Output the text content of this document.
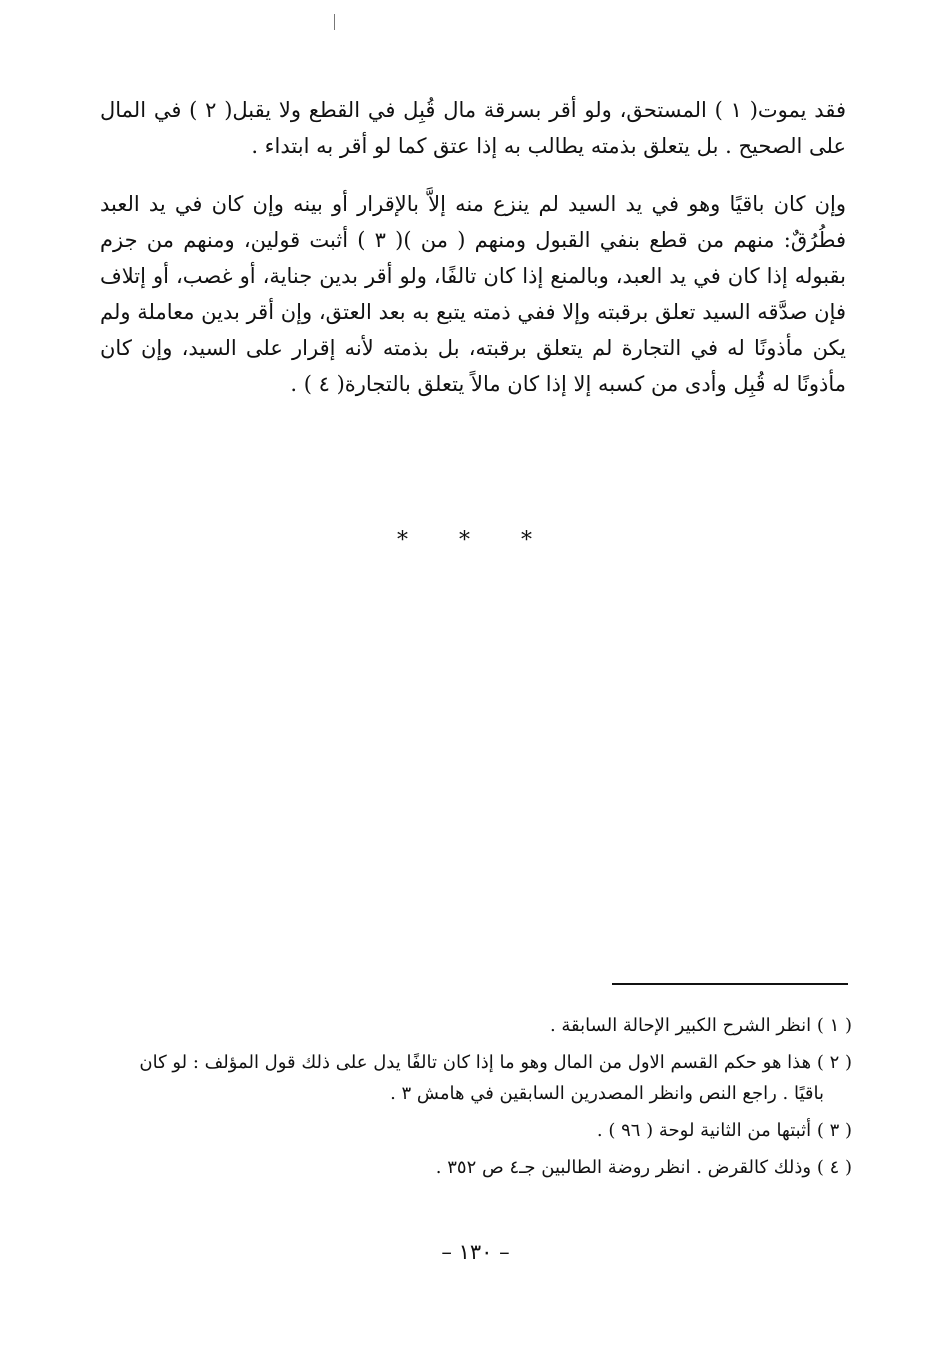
فقد يموت( ١ ) المستحق، ولو أقر بسرقة مال قُبِل في القطع ولا يقبل( ٢ ) في المال على الصحيح . بل يتعلق بذمته يطالب به إذا عتق كما لو أقر به ابتداء .

وإن كان باقيًا وهو في يد السيد لم ينزع منه إلاَّ بالإقرار أو بينه وإن كان في يد العبد فطُرُقٌ: منهم من قطع بنفي القبول ومنهم ( من )( ٣ ) أثبت قولين، ومنهم من جزم بقبوله إذا كان في يد العبد، وبالمنع إذا كان تالفًا، ولو أقر بدين جناية، أو غصب، أو إتلاف فإن صدَّقه السيد تعلق برقبته وإلا ففي ذمته يتبع به بعد العتق، وإن أقر بدين معاملة ولم يكن مأذونًا له في التجارة لم يتعلق برقبته، بل بذمته لأنه إقرار على السيد، وإن كان مأذونًا له قُبِل وأدى من كسبه إلا إذا كان مالاً يتعلق بالتجارة( ٤ ) .

* * *

( ١ ) انظر الشرح الكبير الإحالة السابقة .

( ٢ ) هذا هو حكم القسم الاول من المال وهو ما إذا كان تالفًا يدل على ذلك قول المؤلف : لو كان
باقيًا . راجع النص وانظر المصدرين السابقين في هامش ٣ .

( ٣ ) أثبتها من الثانية لوحة ( ٩٦ ) .

( ٤ ) وذلك كالقرض . انظر روضة الطالبين جـ٤ ص ٣٥٢ .

– ١٣٠ –
